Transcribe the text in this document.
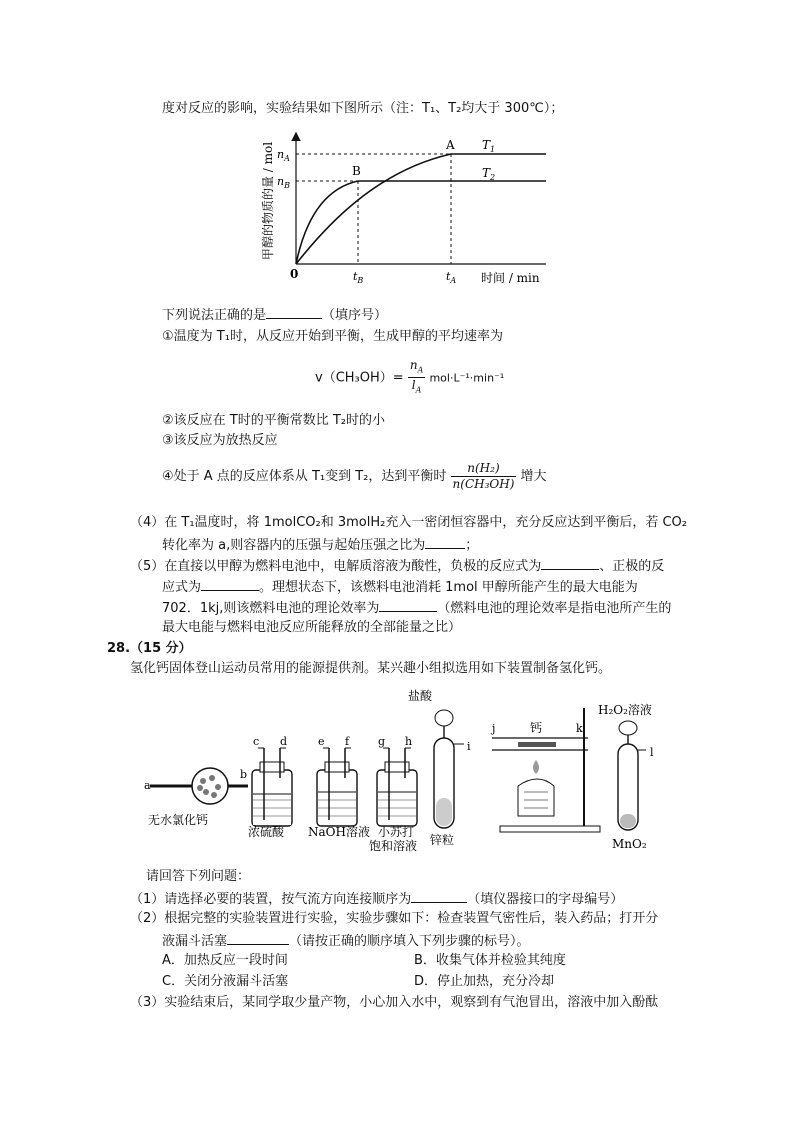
度对反应的影响，实验结果如下图所示（注：T₁、T₂均大于 300℃）；
甲醇的物质的量 / mol $n_A$
$n_B$
0	$t_B$	$t_A$ 时间 / min
A
B
$T_1$
$T_2$
下列说法正确的是	（填序号）
①温度为 T₁时，从反应开始到平衡，生成甲醇的平均速率为
$v(CH_3OH)= \frac{n_A}{l_A} mol\cdot L^{-1}\cdot\min^{-1}$
②该反应在 T时的平衡常数比 T₂时的小
③该反应为放热反应
④处于 A 点的反应体系从 T₁变到 T₂，达到平衡时 $\frac{\text{n(H₂)}}{\text{n(CH₃OH)}}$ 增大
（4）在 T₁温度时，将 1molCO₂和 3molH₂充入一密闭恒容器中，充分反应达到平衡后，若 CO₂
转化率为 a,则容器内的压强与起始压强之比为	；
（5）在直接以甲醇为燃料电池中，电解质溶液为酸性，负极的反应式为	、正极的反
应式为	。理想状态下，该燃料电池消耗 1mol 甲醇所能产生的最大电能为
702．1kj,则该燃料电池的理论效率为	（燃料电池的理论效率是指电池所产生的
最大电能与燃料电池反应所能释放的全部能量之比）
28.（15 分）
氢化钙固体登山运动员常用的能源提供剂。某兴趣小组拟选用如下装置制备氢化钙。
a
b
无水氯化钙
c d
浓硫酸
e f
NaOH溶液
g h
小苏打
饱和溶液
盐酸
i
锌粒
j	钙	k
H₂O₂溶液
l
MnO₂
请回答下列问题：
（1）请选择必要的装置，按气流方向连接顺序为	（填仪器接口的字母编号）
（2）根据完整的实验装置进行实验，实验步骤如下：检查装置气密性后，装入药品；打开分
液漏斗活塞	（请按正确的顺序填入下列步骤的标号）。
A．加热反应一段时间	B．收集气体并检验其纯度
C．关闭分液漏斗活塞	D．停止加热，充分冷却
（3）实验结束后，某同学取少量产物，小心加入水中，观察到有气泡冒出，溶液中加入酚酞
